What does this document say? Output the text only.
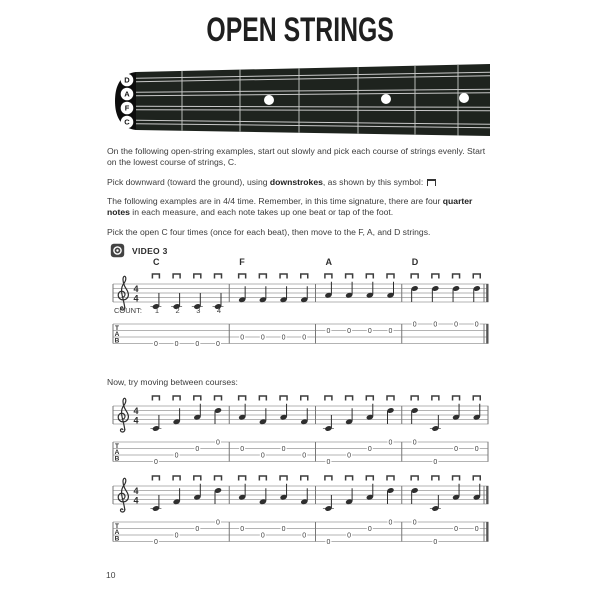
OPEN STRINGS
D
A
F
C

On the following open-string examples, start out slowly and pick each course of strings evenly. Start on the lowest course of strings, C.

Pick downward (toward the ground), using downstrokes, as shown by this symbol:

The following examples are in 4/4 time. Remember, in this time signature, there are four quarter notes in each measure, and each note takes up one beat or tap of the foot.

Pick the open C four times (once for each beat), then move to the F, A, and D strings.

VIDEO 3
4
4
T
A
B
0 0 0 0
C
0 0 0 0
F
0 0 0 0
A
0 0 0 0
D
COUNT: 1 2 3 4
Now, try moving between courses:
4
4
T
A
B
0
0
0
0
0
0
0
0
0
0
0
0	0
0
0 0
4
4
T
A
B
0
0
0
0
0
0
0
0
0
0
0
0	0
0
0 0
10
